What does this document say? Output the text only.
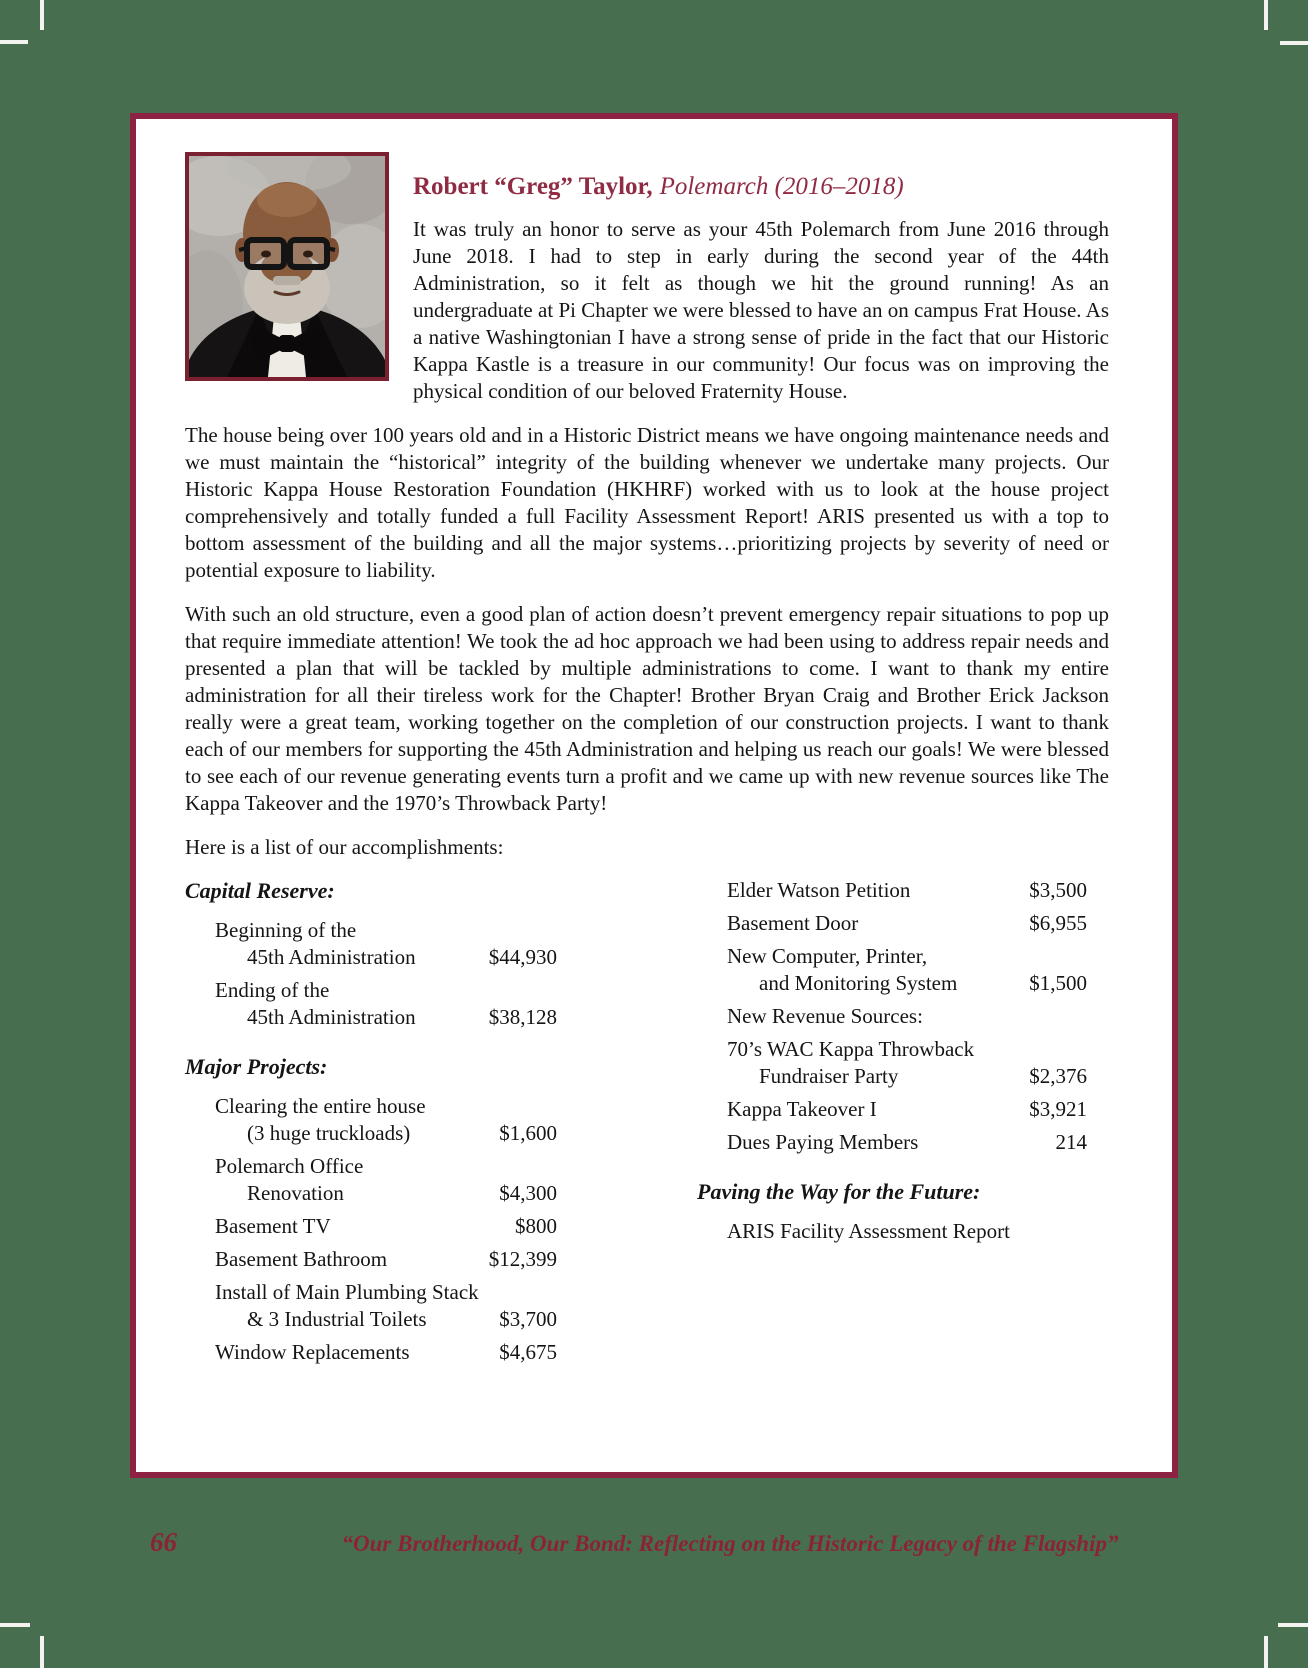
Robert “Greg” Taylor, Polemarch (2016–2018)

It was truly an honor to serve as your 45th Polemarch from June 2016 through June 2018. I had to step in early during the second year of the 44th Administration, so it felt as though we hit the ground running! As an undergraduate at Pi Chapter we were blessed to have an on campus Frat House. As a native Washingtonian I have a strong sense of pride in the fact that our Historic Kappa Kastle is a treasure in our community! Our focus was on improving the physical condition of our beloved Fraternity House.

The house being over 100 years old and in a Historic District means we have ongoing maintenance needs and we must maintain the “historical” integrity of the building whenever we undertake many projects. Our Historic Kappa House Restoration Foundation (HKHRF) worked with us to look at the house project comprehensively and totally funded a full Facility Assessment Report! ARIS presented us with a top to bottom assessment of the building and all the major systems…prioritizing projects by severity of need or potential exposure to liability.

With such an old structure, even a good plan of action doesn’t prevent emergency repair situations to pop up that require immediate attention! We took the ad hoc approach we had been using to address repair needs and presented a plan that will be tackled by multiple administrations to come. I want to thank my entire administration for all their tireless work for the Chapter! Brother Bryan Craig and Brother Erick Jackson really were a great team, working together on the completion of our construction projects. I want to thank each of our members for supporting the 45th Administration and helping us reach our goals! We were blessed to see each of our revenue generating events turn a profit and we came up with new revenue sources like The Kappa Takeover and the 1970’s Throwback Party!

Here is a list of our accomplishments:

Capital Reserve:
Beginning of the
45th Administration	$44,930
Ending of the
45th Administration	$38,128
Major Projects:
Clearing the entire house
(3 huge truckloads)	$1,600
Polemarch Office
Renovation	$4,300
Basement TV	$800
Basement Bathroom	$12,399
Install of Main Plumbing Stack
& 3 Industrial Toilets	$3,700
Window Replacements	$4,675
Elder Watson Petition	$3,500
Basement Door	$6,955
New Computer, Printer,
and Monitoring System	$1,500
New Revenue Sources:
70’s WAC Kappa Throwback
Fundraiser Party	$2,376
Kappa Takeover I	$3,921
Dues Paying Members	214
Paving the Way for the Future:
ARIS Facility Assessment Report
66	“Our Brotherhood, Our Bond: Reflecting on the Historic Legacy of the Flagship”
